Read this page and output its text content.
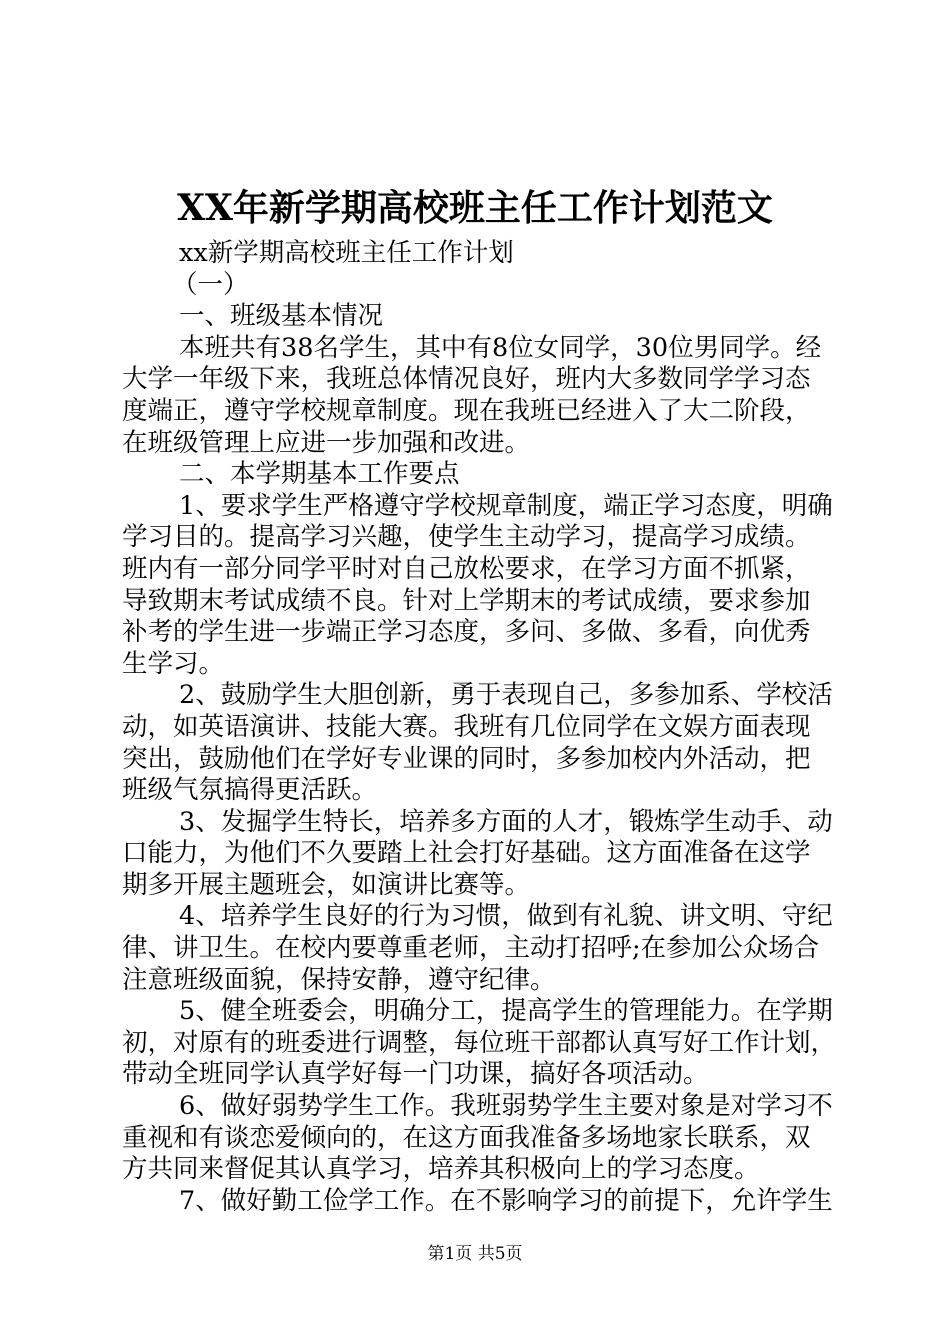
XX年新学期高校班主任工作计划范文
xx新学期高校班主任工作计划
（一）
一、班级基本情况
本班共有38名学生，其中有8位女同学，30位男同学。经
大学一年级下来，我班总体情况良好，班内大多数同学学习态
度端正，遵守学校规章制度。现在我班已经进入了大二阶段，
在班级管理上应进一步加强和改进。
二、本学期基本工作要点
1、要求学生严格遵守学校规章制度，端正学习态度，明确
学习目的。提高学习兴趣，使学生主动学习，提高学习成绩。
班内有一部分同学平时对自己放松要求，在学习方面不抓紧，
导致期末考试成绩不良。针对上学期末的考试成绩，要求参加
补考的学生进一步端正学习态度，多问、多做、多看，向优秀
生学习。
2、鼓励学生大胆创新，勇于表现自己，多参加系、学校活
动，如英语演讲、技能大赛。我班有几位同学在文娱方面表现
突出，鼓励他们在学好专业课的同时，多参加校内外活动，把
班级气氛搞得更活跃。
3、发掘学生特长，培养多方面的人才，锻炼学生动手、动
口能力，为他们不久要踏上社会打好基础。这方面准备在这学
期多开展主题班会，如演讲比赛等。
4、培养学生良好的行为习惯，做到有礼貌、讲文明、守纪
律、讲卫生。在校内要尊重老师，主动打招呼;在参加公众场合
注意班级面貌，保持安静，遵守纪律。
5、健全班委会，明确分工，提高学生的管理能力。在学期
初，对原有的班委进行调整，每位班干部都认真写好工作计划，
带动全班同学认真学好每一门功课，搞好各项活动。
6、做好弱势学生工作。我班弱势学生主要对象是对学习不
重视和有谈恋爱倾向的，在这方面我准备多场地家长联系，双
方共同来督促其认真学习，培养其积极向上的学习态度。
7、做好勤工俭学工作。在不影响学习的前提下，允许学生
第1页 共5页
